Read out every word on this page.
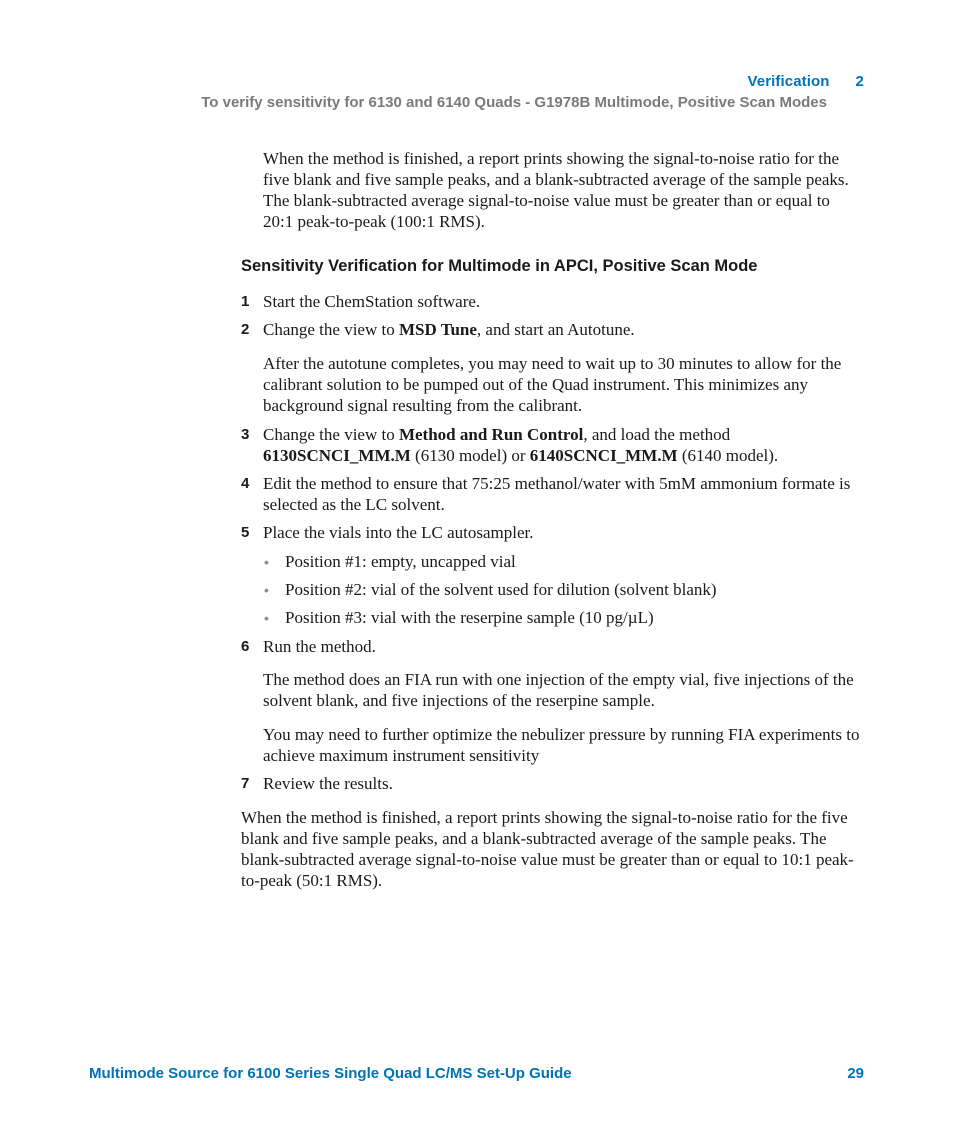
Verification 2
To verify sensitivity for 6130 and 6140 Quads - G1978B Multimode, Positive Scan Modes

When the method is finished, a report prints showing the signal-to-noise ratio for the five blank and five sample peaks, and a blank-subtracted average of the sample peaks. The blank-subtracted average signal-to-noise value must be greater than or equal to 20:1 peak-to-peak (100:1 RMS).

Sensitivity Verification for Multimode in APCI, Positive Scan Mode
1 Start the ChemStation software.

2 Change the view to MSD Tune, and start an Autotune.

After the autotune completes, you may need to wait up to 30 minutes to allow for the calibrant solution to be pumped out of the Quad instrument. This minimizes any background signal resulting from the calibrant.

3 Change the view to Method and Run Control, and load the method 6130SCNCI_MM.M (6130 model) or 6140SCNCI_MM.M (6140 model).

4 Edit the method to ensure that 75:25 methanol/water with 5mM ammonium formate is selected as the LC solvent.

5 Place the vials into the LC autosampler.

• Position #1: empty, uncapped vial

• Position #2: vial of the solvent used for dilution (solvent blank)

• Position #3: vial with the reserpine sample (10 pg/µL)

6 Run the method.

The method does an FIA run with one injection of the empty vial, five injections of the solvent blank, and five injections of the reserpine sample.

You may need to further optimize the nebulizer pressure by running FIA experiments to achieve maximum instrument sensitivity

7 Review the results.

When the method is finished, a report prints showing the signal-to-noise ratio for the five blank and five sample peaks, and a blank-subtracted average of the sample peaks. The blank-subtracted average signal-to-noise value must be greater than or equal to 10:1 peak-to-peak (50:1 RMS).

Multimode Source for 6100 Series Single Quad LC/MS Set-Up Guide	29
